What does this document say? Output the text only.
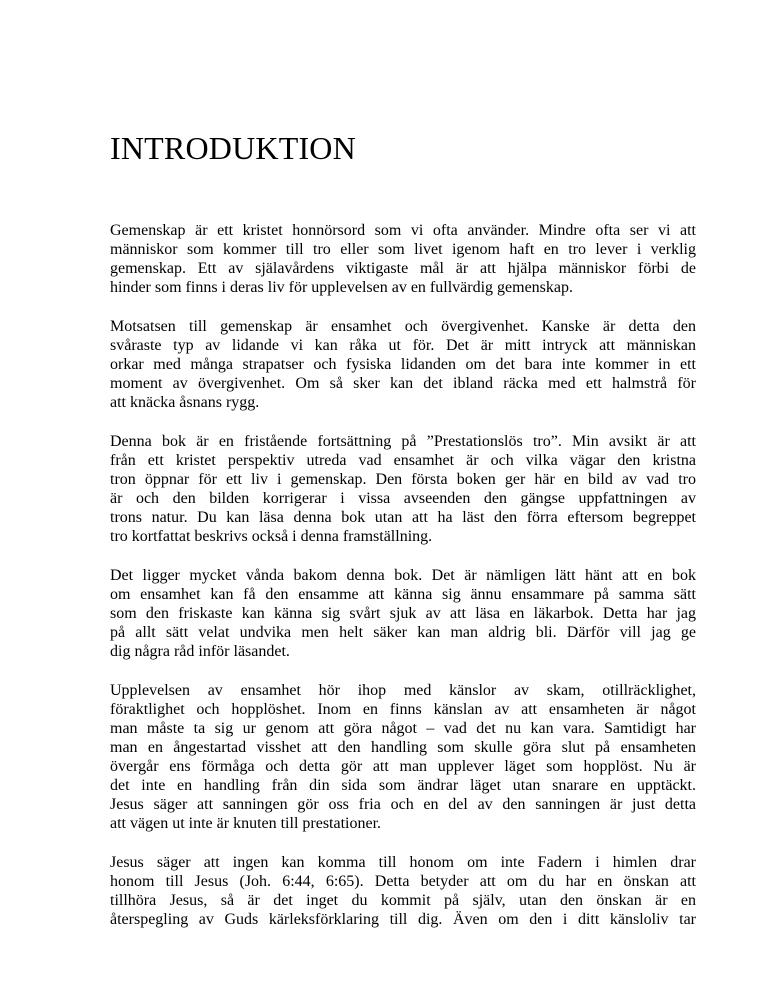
INTRODUKTION

Gemenskap är ett kristet honnörsord som vi ofta använder. Mindre ofta ser vi att
människor som kommer till tro eller som livet igenom haft en tro lever i verklig
gemenskap. Ett av själavårdens viktigaste mål är att hjälpa människor förbi de
hinder som finns i deras liv för upplevelsen av en fullvärdig gemenskap.

Motsatsen till gemenskap är ensamhet och övergivenhet. Kanske är detta den
svåraste typ av lidande vi kan råka ut för. Det är mitt intryck att människan
orkar med många strapatser och fysiska lidanden om det bara inte kommer in ett
moment av övergivenhet. Om så sker kan det ibland räcka med ett halmstrå för
att knäcka åsnans rygg.

Denna bok är en fristående fortsättning på ”Prestationslös tro”. Min avsikt är att
från ett kristet perspektiv utreda vad ensamhet är och vilka vägar den kristna
tron öppnar för ett liv i gemenskap. Den första boken ger här en bild av vad tro
är och den bilden korrigerar i vissa avseenden den gängse uppfattningen av
trons natur. Du kan läsa denna bok utan att ha läst den förra eftersom begreppet
tro kortfattat beskrivs också i denna framställning.

Det ligger mycket vånda bakom denna bok. Det är nämligen lätt hänt att en bok
om ensamhet kan få den ensamme att känna sig ännu ensammare på samma sätt
som den friskaste kan känna sig svårt sjuk av att läsa en läkarbok. Detta har jag
på allt sätt velat undvika men helt säker kan man aldrig bli. Därför vill jag ge
dig några råd inför läsandet.

Upplevelsen av ensamhet hör ihop med känslor av skam, otillräcklighet,
föraktlighet och hopplöshet. Inom en finns känslan av att ensamheten är något
man måste ta sig ur genom att göra något – vad det nu kan vara. Samtidigt har
man en ångestartad visshet att den handling som skulle göra slut på ensamheten
övergår ens förmåga och detta gör att man upplever läget som hopplöst. Nu är
det inte en handling från din sida som ändrar läget utan snarare en upptäckt.
Jesus säger att sanningen gör oss fria och en del av den sanningen är just detta
att vägen ut inte är knuten till prestationer.

Jesus säger att ingen kan komma till honom om inte Fadern i himlen drar
honom till Jesus (Joh. 6:44, 6:65). Detta betyder att om du har en önskan att
tillhöra Jesus, så är det inget du kommit på själv, utan den önskan är en
återspegling av Guds kärleksförklaring till dig. Även om den i ditt känsloliv tar
